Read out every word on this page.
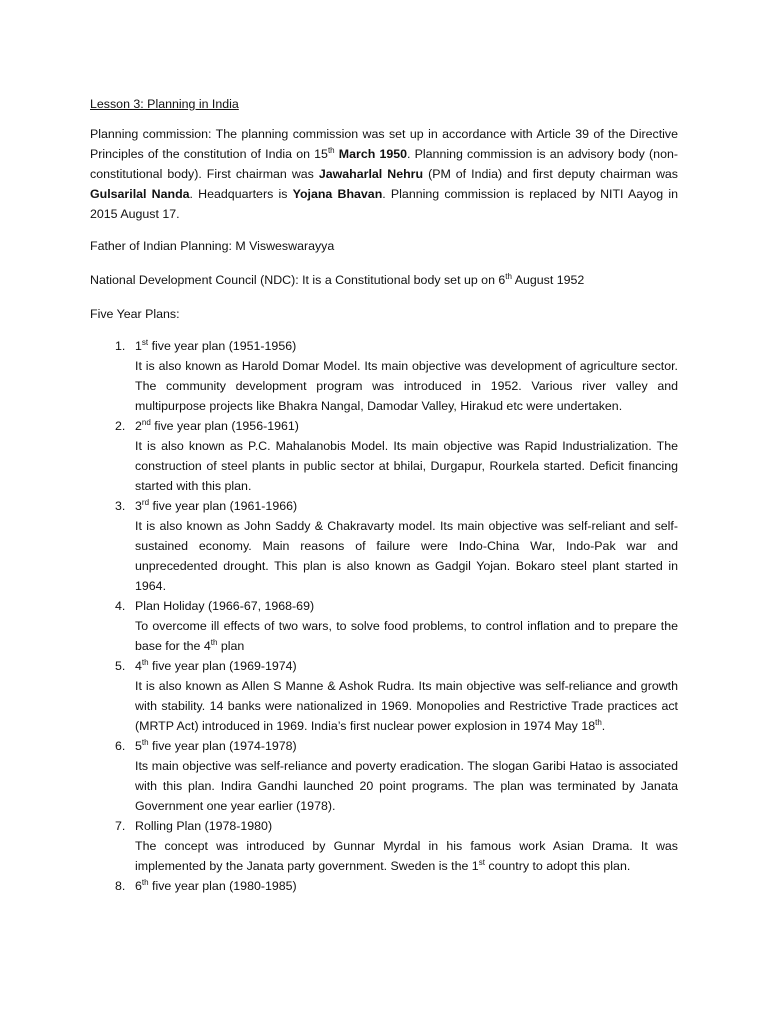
Lesson 3: Planning in India

Planning commission: The planning commission was set up in accordance with Article 39 of the Directive Principles of the constitution of India on 15th March 1950. Planning commission is an advisory body (non-constitutional body). First chairman was Jawaharlal Nehru (PM of India) and first deputy chairman was Gulsarilal Nanda. Headquarters is Yojana Bhavan. Planning commission is replaced by NITI Aayog in 2015 August 17.

Father of Indian Planning: M Visweswarayya
National Development Council (NDC): It is a Constitutional body set up on 6th August 1952
Five Year Plans:
1. 1st five year plan (1951-1956)

It is also known as Harold Domar Model. Its main objective was development of agriculture sector. The community development program was introduced in 1952. Various river valley and multipurpose projects like Bhakra Nangal, Damodar Valley, Hirakud etc were undertaken.

2. 2nd five year plan (1956-1961)

It is also known as P.C. Mahalanobis Model. Its main objective was Rapid Industrialization. The construction of steel plants in public sector at bhilai, Durgapur, Rourkela started. Deficit financing started with this plan.

3. 3rd five year plan (1961-1966)

It is also known as John Saddy & Chakravarty model. Its main objective was self-reliant and self-sustained economy. Main reasons of failure were Indo-China War, Indo-Pak war and unprecedented drought. This plan is also known as Gadgil Yojan. Bokaro steel plant started in 1964.

4. Plan Holiday (1966-67, 1968-69)

To overcome ill effects of two wars, to solve food problems, to control inflation and to prepare the base for the 4th plan

5. 4th five year plan (1969-1974)

It is also known as Allen S Manne & Ashok Rudra. Its main objective was self-reliance and growth with stability. 14 banks were nationalized in 1969. Monopolies and Restrictive Trade practices act (MRTP Act) introduced in 1969. India’s first nuclear power explosion in 1974 May 18th.

6. 5th five year plan (1974-1978)

Its main objective was self-reliance and poverty eradication. The slogan Garibi Hatao is associated with this plan. Indira Gandhi launched 20 point programs. The plan was terminated by Janata Government one year earlier (1978).

7. Rolling Plan (1978-1980)

The concept was introduced by Gunnar Myrdal in his famous work Asian Drama. It was implemented by the Janata party government. Sweden is the 1st country to adopt this plan.

8. 6th five year plan (1980-1985)
